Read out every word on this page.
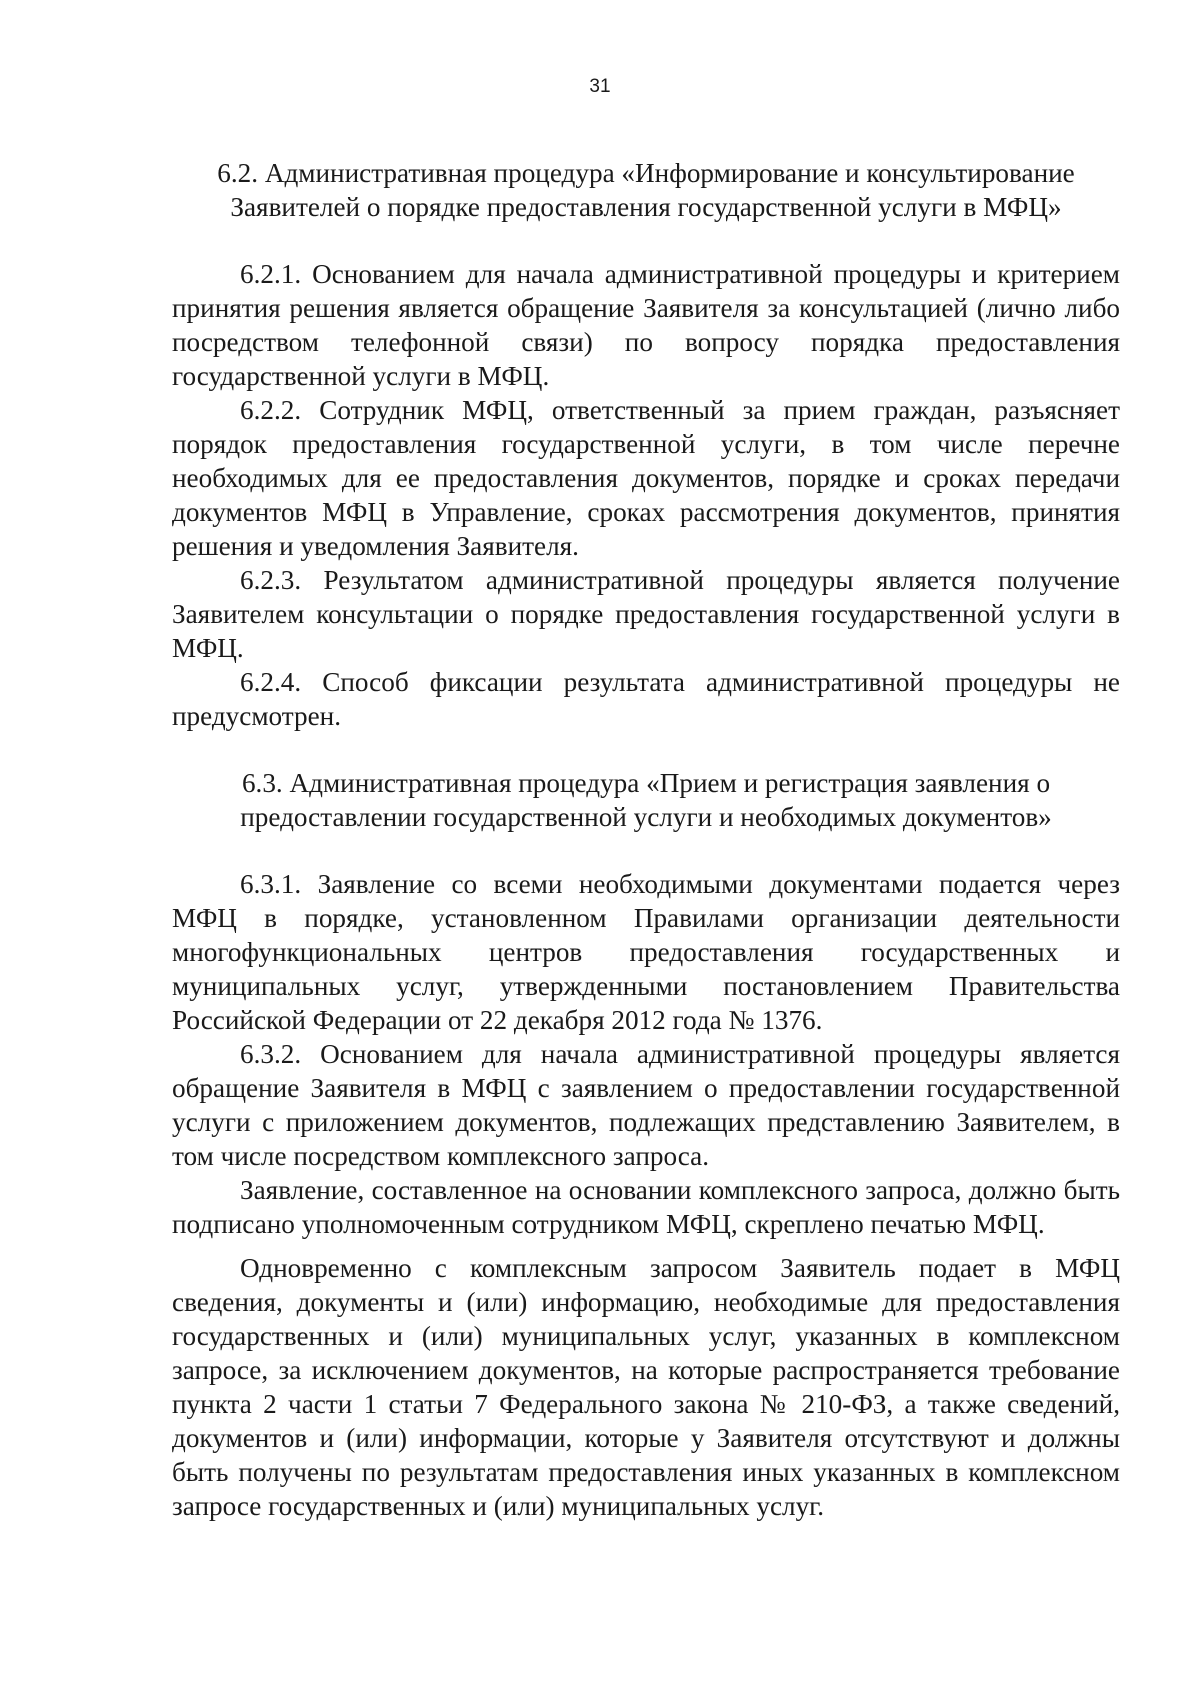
31

6.2. Административная процедура «Информирование и консультирование Заявителей о порядке предоставления государственной услуги в МФЦ»

6.2.1. Основанием для начала административной процедуры и критерием принятия решения является обращение Заявителя за консультацией (лично либо посредством телефонной связи) по вопросу порядка предоставления государственной услуги в МФЦ.

6.2.2. Сотрудник МФЦ, ответственный за прием граждан, разъясняет порядок предоставления государственной услуги, в том числе перечне необходимых для ее предоставления документов, порядке и сроках передачи документов МФЦ в Управление, сроках рассмотрения документов, принятия решения и уведомления Заявителя.

6.2.3. Результатом административной процедуры является получение Заявителем консультации о порядке предоставления государственной услуги в МФЦ.

6.2.4. Способ фиксации результата административной процедуры не предусмотрен.

6.3. Административная процедура «Прием и регистрация заявления о предоставлении государственной услуги и необходимых документов»

6.3.1. Заявление со всеми необходимыми документами подается через МФЦ в порядке, установленном Правилами организации деятельности многофункциональных центров предоставления государственных и муниципальных услуг, утвержденными постановлением Правительства Российской Федерации от 22 декабря 2012 года № 1376.

6.3.2. Основанием для начала административной процедуры является обращение Заявителя в МФЦ с заявлением о предоставлении государственной услуги с приложением документов, подлежащих представлению Заявителем, в том числе посредством комплексного запроса.

Заявление, составленное на основании комплексного запроса, должно быть подписано уполномоченным сотрудником МФЦ, скреплено печатью МФЦ.

Одновременно с комплексным запросом Заявитель подает в МФЦ сведения, документы и (или) информацию, необходимые для предоставления государственных и (или) муниципальных услуг, указанных в комплексном запросе, за исключением документов, на которые распространяется требование пункта 2 части 1 статьи 7 Федерального закона № 210-ФЗ, а также сведений, документов и (или) информации, которые у Заявителя отсутствуют и должны быть получены по результатам предоставления иных указанных в комплексном запросе государственных и (или) муниципальных услуг.
